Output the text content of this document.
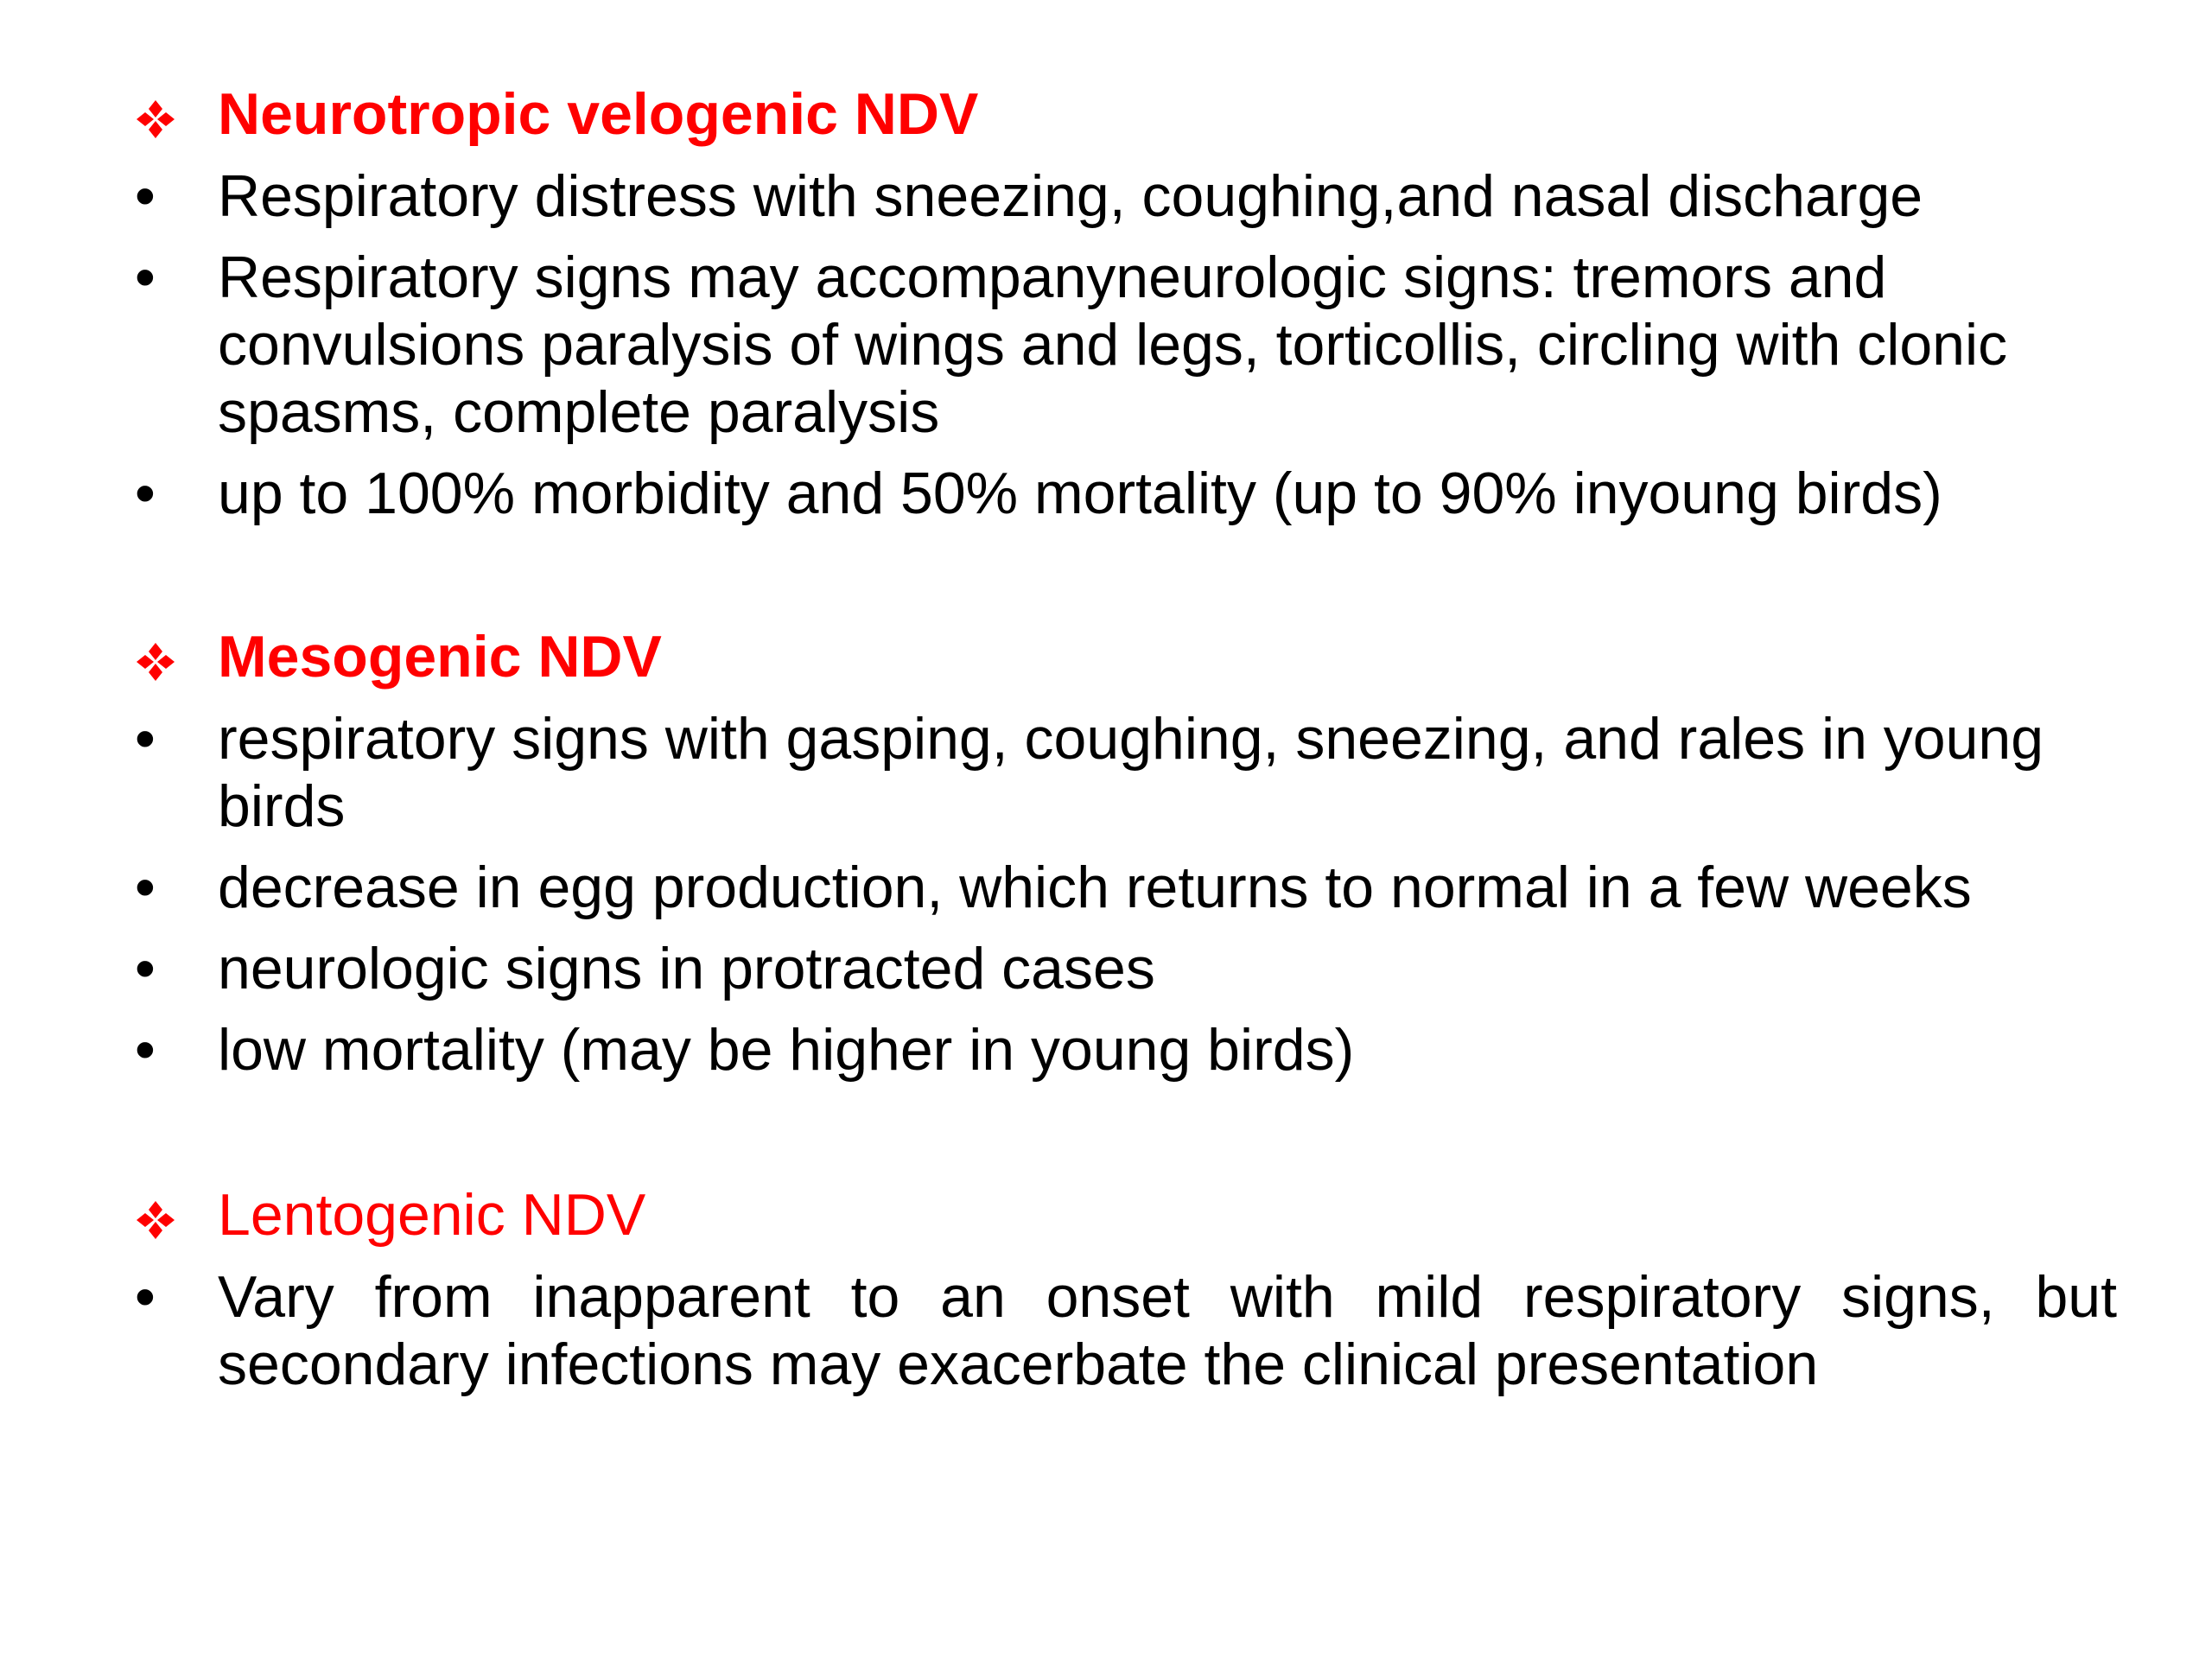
Neurotropic velogenic NDV
• Respiratory distress with sneezing, coughing,and nasal discharge
• Respiratory signs may accompanyneurologic signs: tremors and convulsions paralysis of wings and legs, torticollis, circling with clonic spasms, complete paralysis
• up to 100% morbidity and 50% mortality (up to 90% inyoung birds)
Mesogenic NDV
• respiratory signs with gasping, coughing, sneezing, and rales in young birds
• decrease in egg production, which returns to normal in a few weeks
• neurologic signs in protracted cases
• low mortality (may be higher in young birds)
Lentogenic NDV
• Vary from inapparent to an onset with mild respiratory signs, but secondary infections may exacerbate the clinical presentation
